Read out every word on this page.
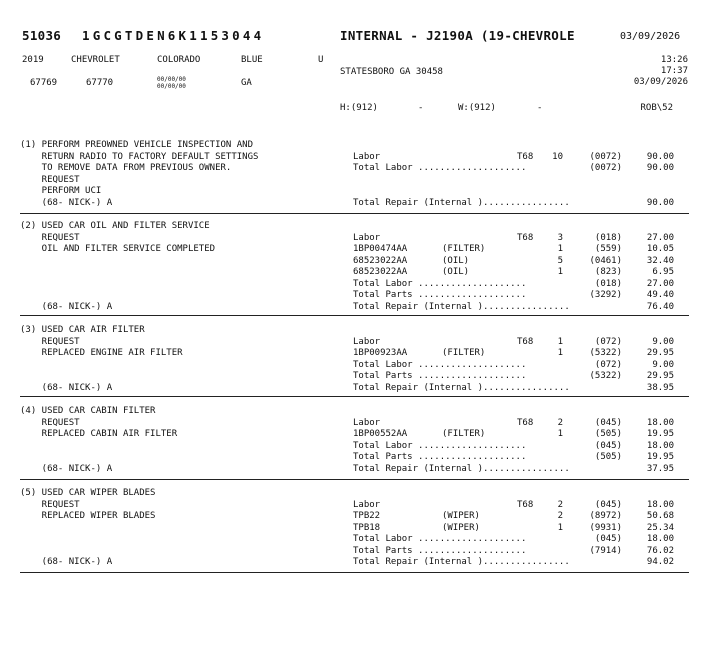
51036 1GCGTDEN6K1153044	INTERNAL - J2190A (19-CHEVROLE	03/09/2026
2019	CHEVROLET	COLORADO	BLUE	U	13:26
17:37
STATESBORO GA 30458
03/09/2026
67769	67770	00/00/00
00/00/00	GA
H:(912)	-	W:(912)	-	ROB\52
(1) PERFORM PREOWNED VEHICLE INSPECTION AND
RETURN RADIO TO FACTORY DEFAULT SETTINGS
TO REMOVE DATA FROM PREVIOUS OWNER.
REQUEST
PERFORM UCI
Labor	T68	10	(0072)	90.00
Total Labor ....................	(0072)	90.00
(68- NICK-) A	Total Repair (Internal )................	90.00
(2) USED CAR OIL AND FILTER SERVICE
REQUEST
OIL AND FILTER SERVICE COMPLETED
Labor	T68	3	(018)	27.00
1BP00474AA	(FILTER)	1	(559)	10.05
68523022AA	(OIL)	5	(0461)	32.40
68523022AA	(OIL)	1	(823)	6.95
Total Labor ....................	(018)	27.00
Total Parts ....................	(3292)	49.40
(68- NICK-) A	Total Repair (Internal )................	76.40
(3) USED CAR AIR FILTER
REQUEST
REPLACED ENGINE AIR FILTER
Labor	T68	1	(072)	9.00
1BP00923AA	(FILTER)	1	(5322)	29.95
Total Labor ....................	(072)	9.00
Total Parts ....................	(5322)	29.95
(68- NICK-) A	Total Repair (Internal )................	38.95
(4) USED CAR CABIN FILTER
REQUEST
REPLACED CABIN AIR FILTER
Labor	T68	2	(045)	18.00
1BP00552AA	(FILTER)	1	(505)	19.95
Total Labor ....................	(045)	18.00
Total Parts ....................	(505)	19.95
(68- NICK-) A	Total Repair (Internal )................	37.95
(5) USED CAR WIPER BLADES
REQUEST
REPLACED WIPER BLADES
Labor	T68	2	(045)	18.00
TPB22	(WIPER)	2	(8972)	50.68
TPB18	(WIPER)	1	(9931)	25.34
Total Labor ....................	(045)	18.00
Total Parts ....................	(7914)	76.02
(68- NICK-) A	Total Repair (Internal )................	94.02
